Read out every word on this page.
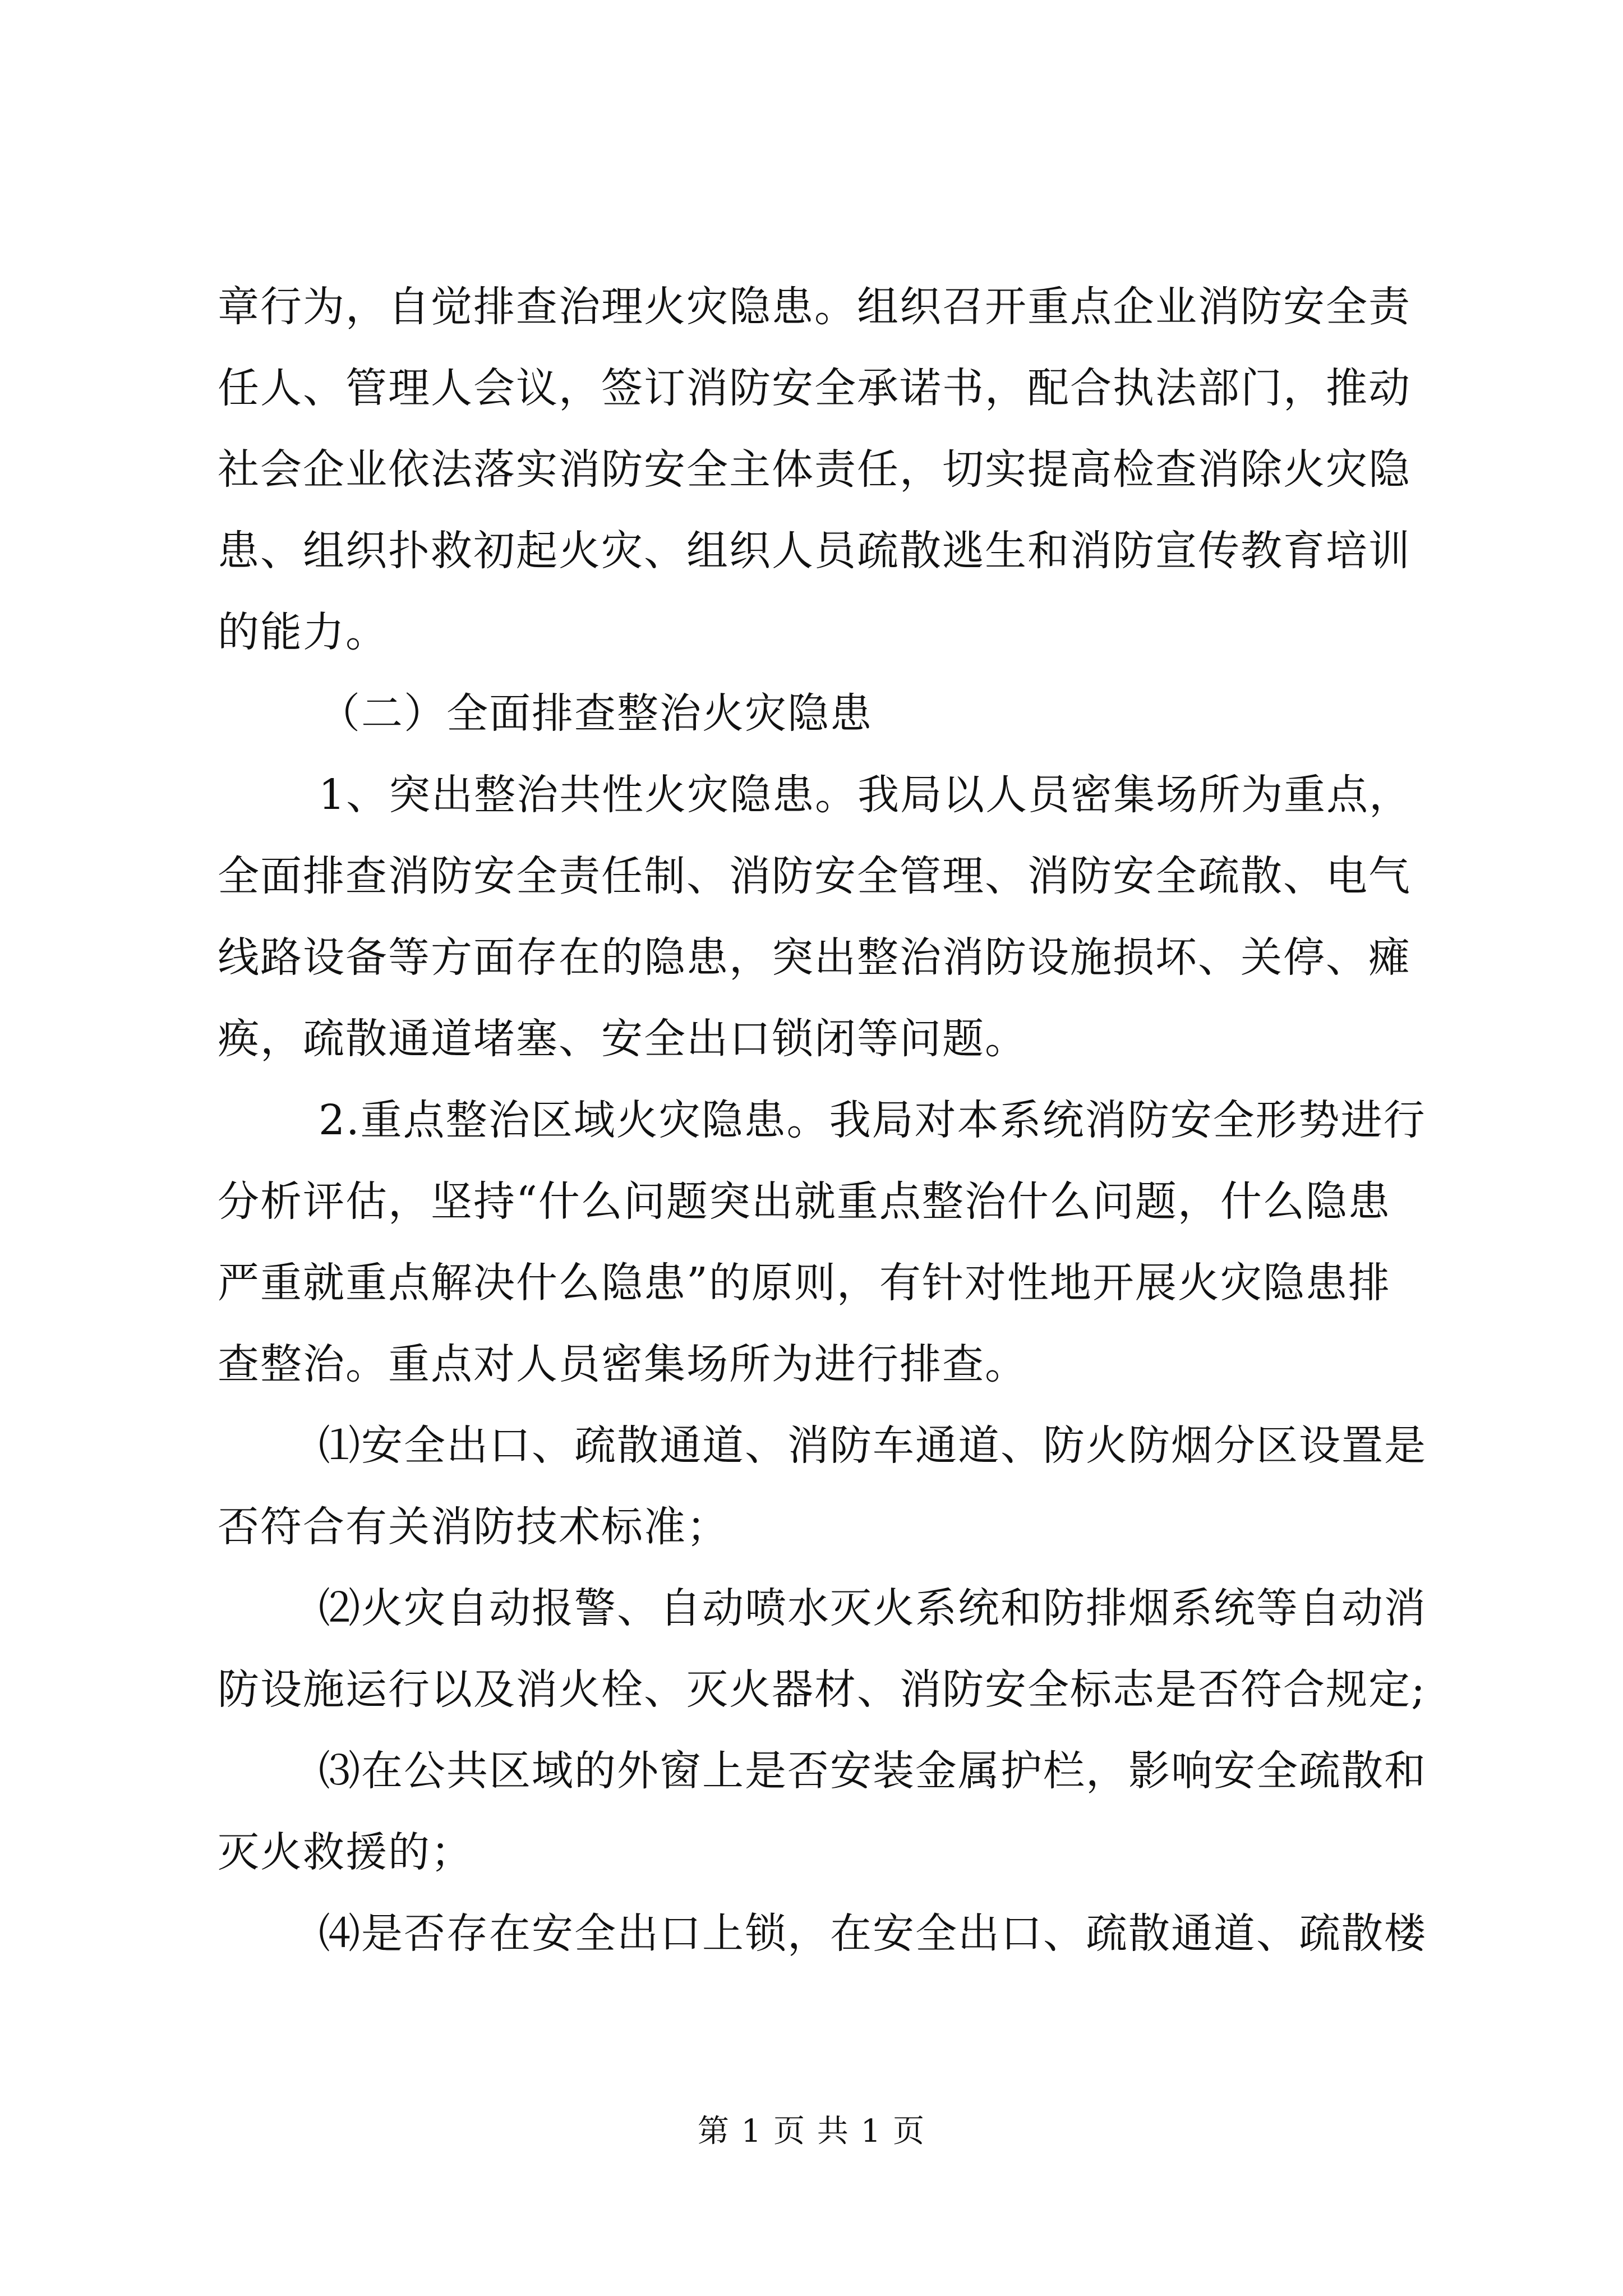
章行为，自觉排查治理火灾隐患。组织召开重点企业消防安全责
任人、管理人会议，签订消防安全承诺书，配合执法部门，推动
社会企业依法落实消防安全主体责任，切实提高检查消除火灾隐
患、组织扑救初起火灾、组织人员疏散逃生和消防宣传教育培训
的能力。
（二）全面排查整治火灾隐患
1、突出整治共性火灾隐患。我局以人员密集场所为重点，
全面排查消防安全责任制、消防安全管理、消防安全疏散、电气
线路设备等方面存在的隐患，突出整治消防设施损坏、关停、瘫
痪，疏散通道堵塞、安全出口锁闭等问题。
2.重点整治区域火灾隐患。我局对本系统消防安全形势进行
分析评估，坚持“什么问题突出就重点整治什么问题，什么隐患
严重就重点解决什么隐患”的原则，有针对性地开展火灾隐患排
查整治。重点对人员密集场所为进行排查。
⑴安全出口、疏散通道、消防车通道、防火防烟分区设置是
否符合有关消防技术标准；
⑵火灾自动报警、自动喷水灭火系统和防排烟系统等自动消
防设施运行以及消火栓、灭火器材、消防安全标志是否符合规定;
⑶在公共区域的外窗上是否安装金属护栏，影响安全疏散和
灭火救援的；
⑷是否存在安全出口上锁，在安全出口、疏散通道、疏散楼
第 1 页 共 1 页
